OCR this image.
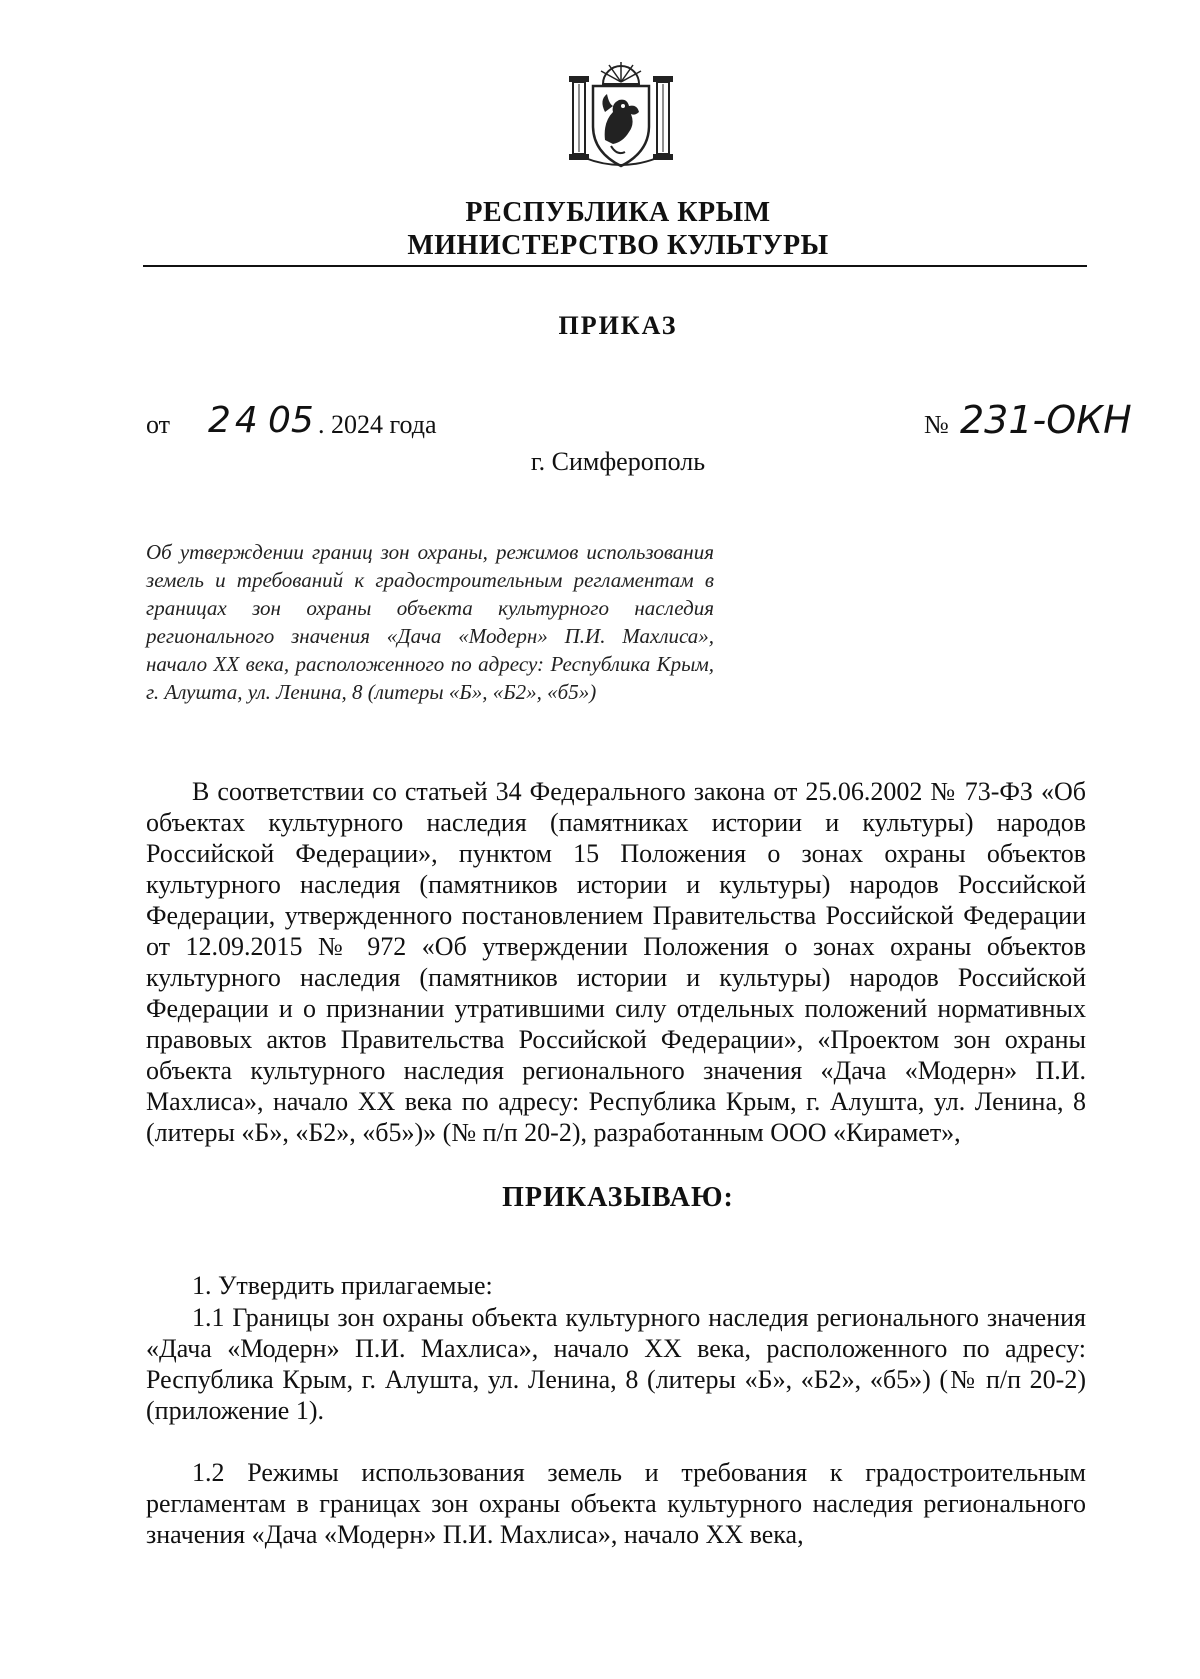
РЕСПУБЛИКА КРЫМ
МИНИСТЕРСТВО КУЛЬТУРЫ
ПРИКАЗ
от 24 05 . 2024 года	№ 231-ОКН
г. Симферополь
Об утверждении границ зон охраны, режимов использования земель и требований к градостроительным регламентам в границах зон охраны объекта культурного наследия регионального значения «Дача «Модерн» П.И. Махлиса», начало XX века, расположенного по адресу: Республика Крым, г. Алушта, ул. Ленина, 8 (литеры «Б», «Б2», «б5»)
В соответствии со статьей 34 Федерального закона от 25.06.2002 № 73-ФЗ «Об объектах культурного наследия (памятниках истории и культуры) народов Российской Федерации», пунктом 15 Положения о зонах охраны объектов культурного наследия (памятников истории и культуры) народов Российской Федерации, утвержденного постановлением Правительства Российской Федерации от 12.09.2015 № 972 «Об утверждении Положения о зонах охраны объектов культурного наследия (памятников истории и культуры) народов Российской Федерации и о признании утратившими силу отдельных положений нормативных правовых актов Правительства Российской Федерации», «Проектом зон охраны объекта культурного наследия регионального значения «Дача «Модерн» П.И. Махлиса», начало XX века по адресу: Республика Крым, г. Алушта, ул. Ленина, 8 (литеры «Б», «Б2», «б5»)» (№ п/п 20-2), разработанным ООО «Кирамет»,
ПРИКАЗЫВАЮ:
1. Утвердить прилагаемые:
1.1 Границы зон охраны объекта культурного наследия регионального значения «Дача «Модерн» П.И. Махлиса», начало XX века, расположенного по адресу: Республика Крым, г. Алушта, ул. Ленина, 8 (литеры «Б», «Б2», «б5») (№ п/п 20-2) (приложение 1).
1.2 Режимы использования земель и требования к градостроительным регламентам в границах зон охраны объекта культурного наследия регионального значения «Дача «Модерн» П.И. Махлиса», начало XX века,
